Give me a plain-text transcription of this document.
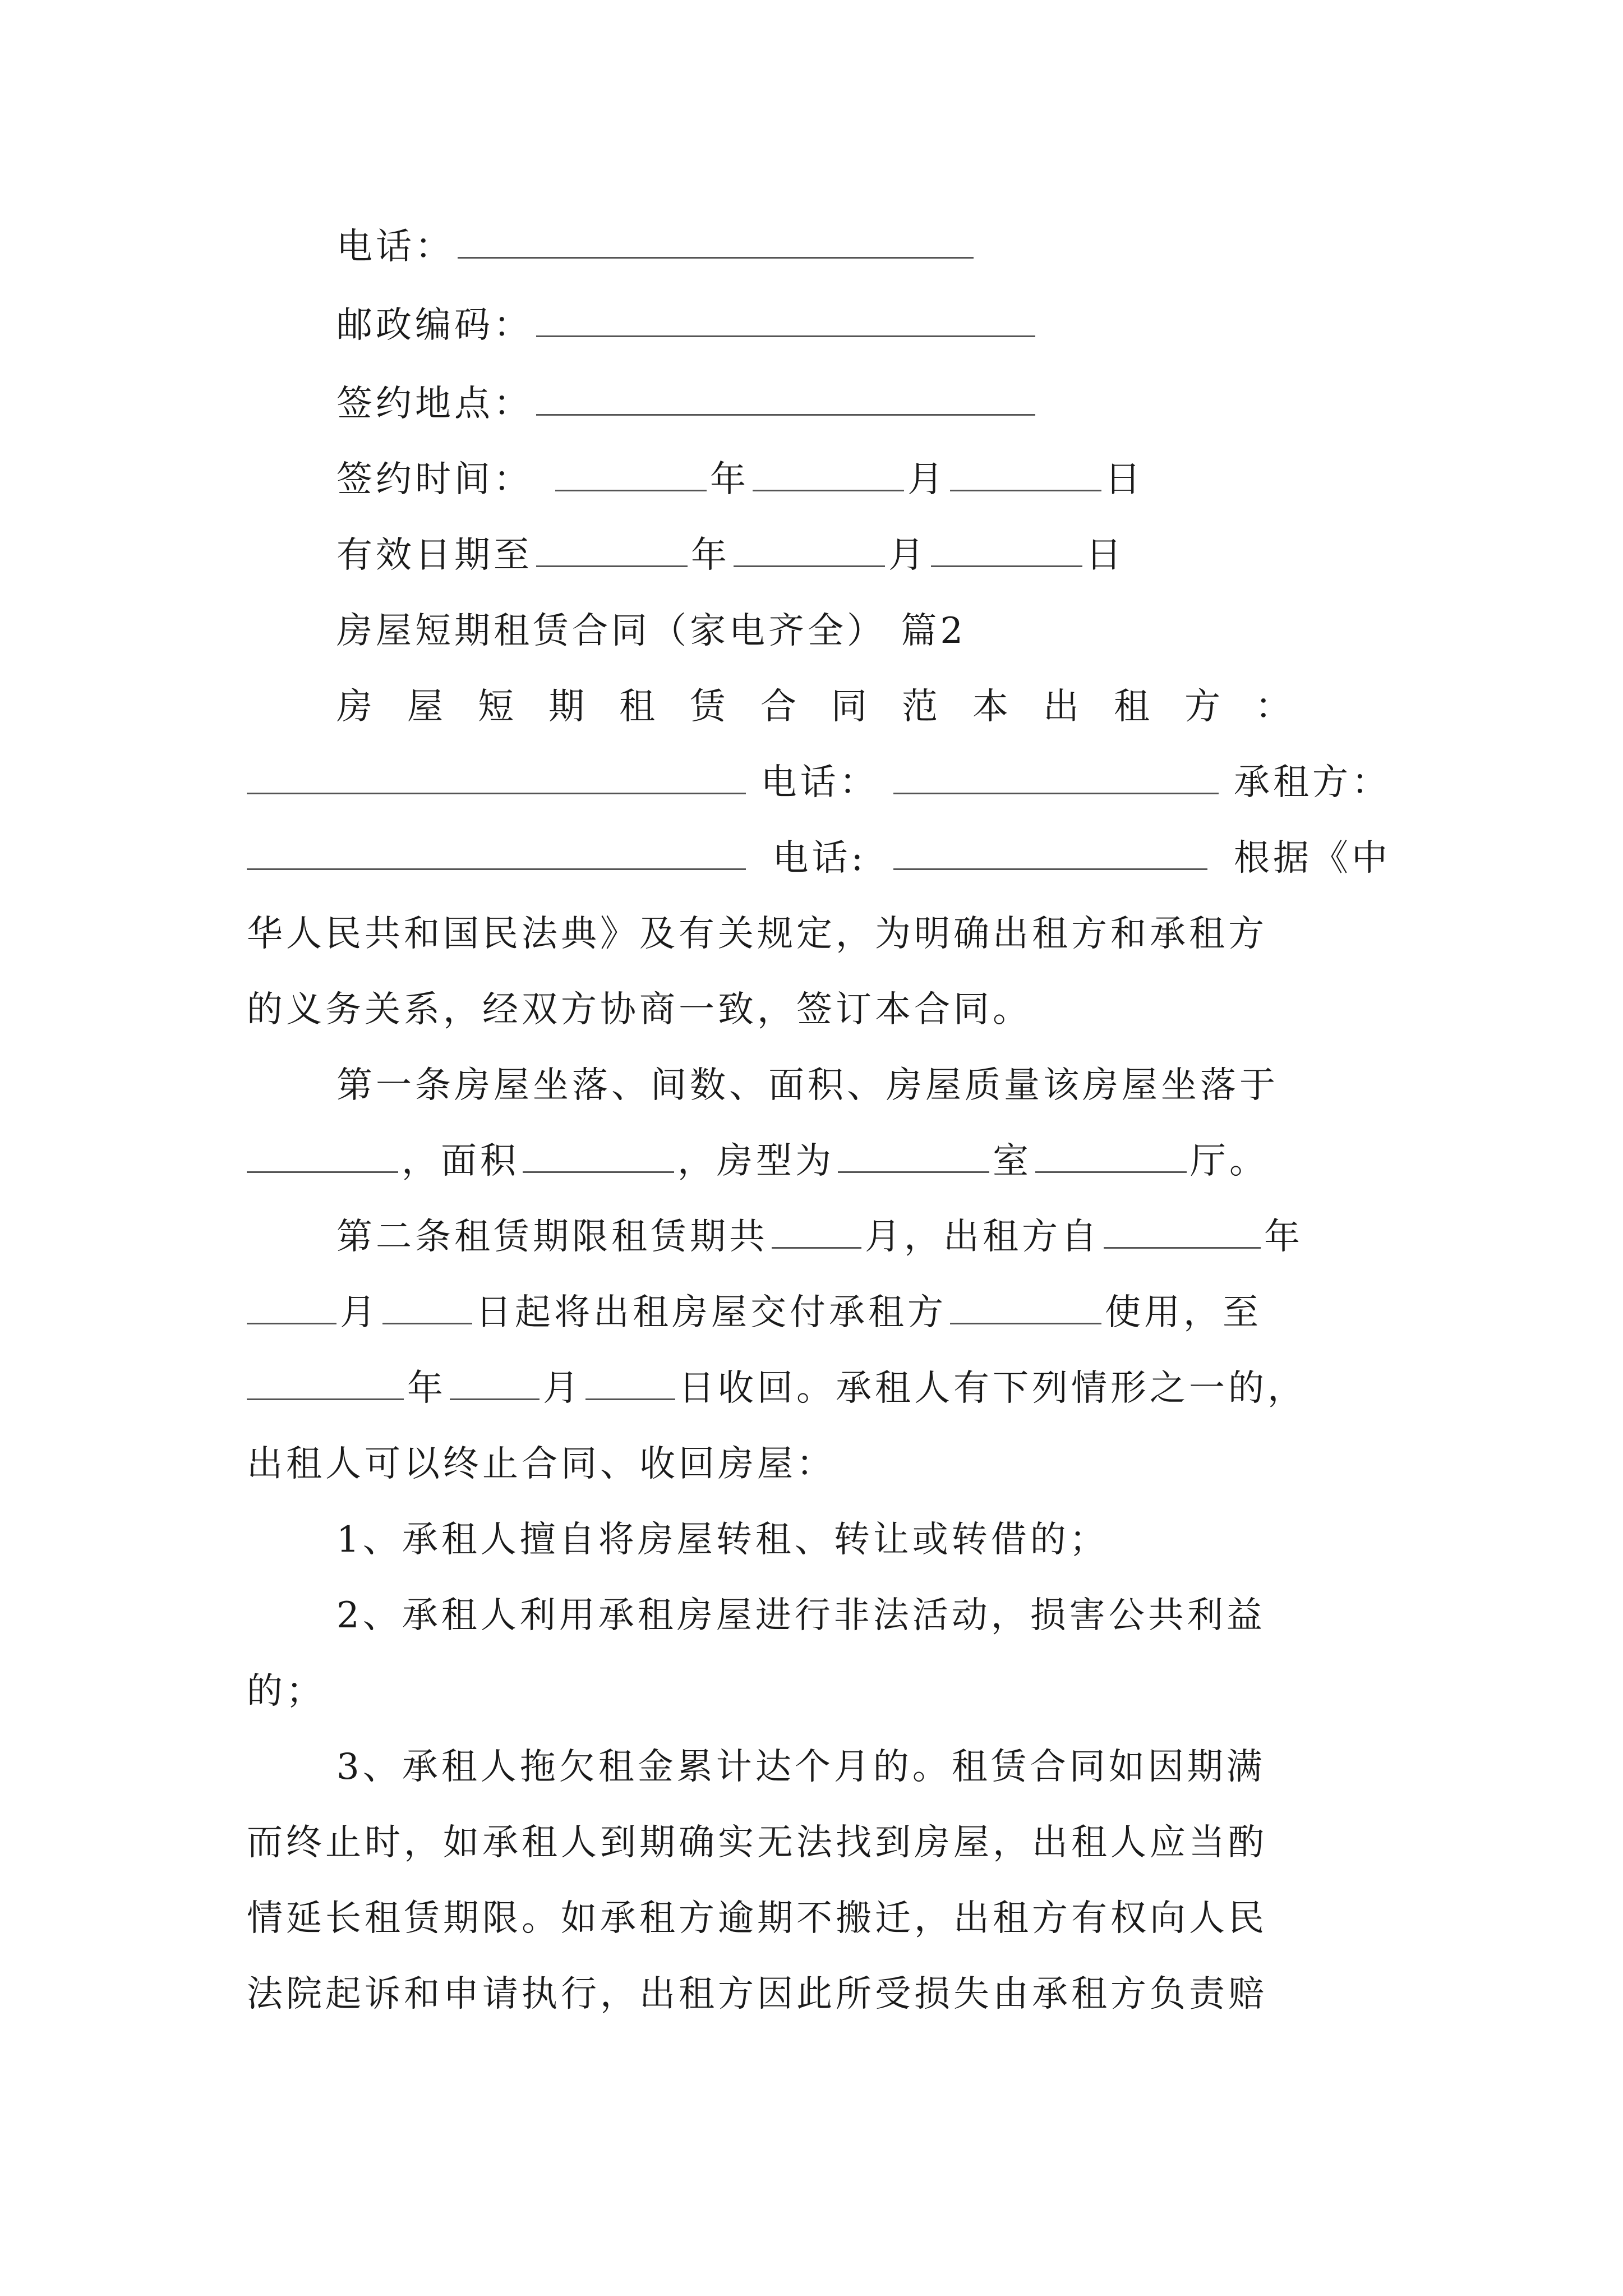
电话：
邮政编码：
签约地点：
签约时间：	年	月	日
有效日期至	年	月	日
房屋短期租赁合同（家电齐全） 篇2
房屋短期租赁合同范本出租方：
电话：	承租方：
电话:	根据《中
华人民共和国民法典》及有关规定，为明确出租方和承租方
的义务关系，经双方协商一致，签订本合同。
第一条房屋坐落、间数、面积、房屋质量该房屋坐落于
，面积	，房型为	室	厅。
第二条租赁期限租赁期共	月，出租方自	年
月	日起将出租房屋交付承租方	使用，至
年	月	日收回。承租人有下列情形之一的，
出租人可以终止合同、收回房屋：
1、承租人擅自将房屋转租、转让或转借的；
2、承租人利用承租房屋进行非法活动，损害公共利益
的；
3、承租人拖欠租金累计达个月的。租赁合同如因期满
而终止时，如承租人到期确实无法找到房屋，出租人应当酌
情延长租赁期限。如承租方逾期不搬迁，出租方有权向人民
法院起诉和申请执行，出租方因此所受损失由承租方负责赔
